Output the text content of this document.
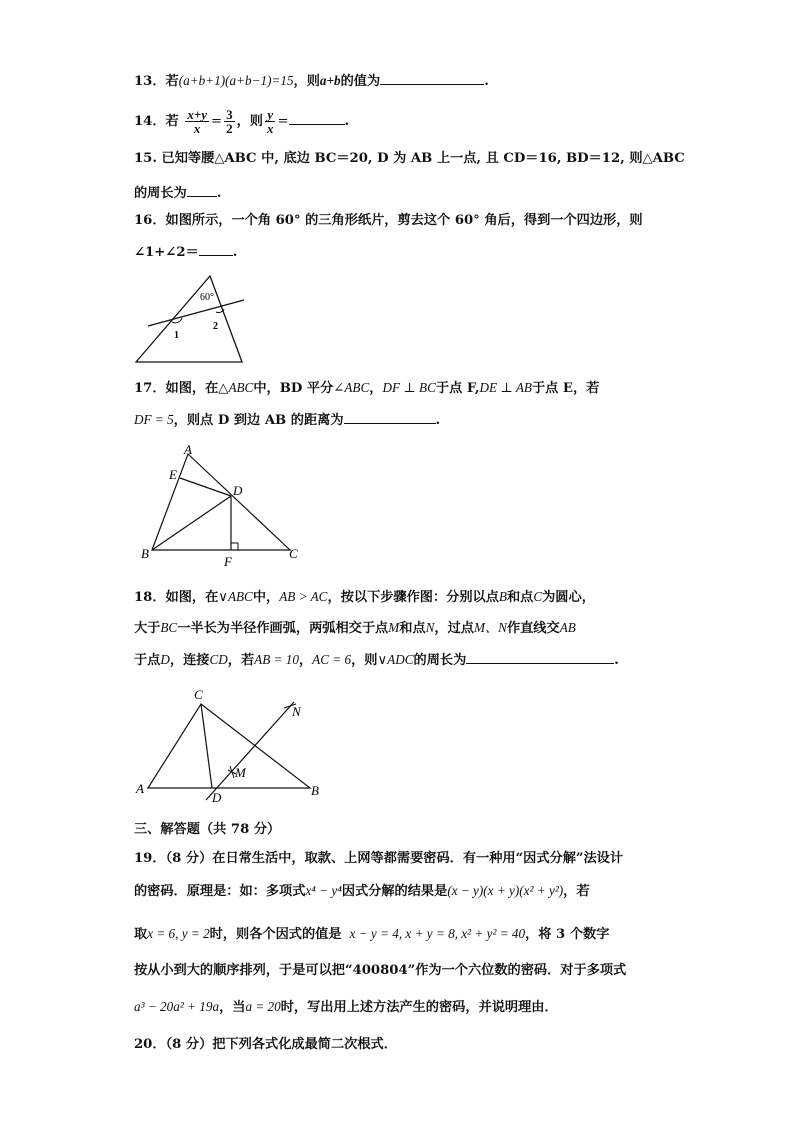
13．若(a+b+1)(a+b−1)=15，则a+b的值为	.
14．若 $\frac{x+y}{x} = \frac{3}{2}$ ，则 $\frac{y}{x}$ =	.
15. 已知等腰△ABC 中, 底边 BC＝20, D 为 AB 上一点, 且 CD＝16, BD＝12, 则△ABC
的周长为 .
16．如图所示，一个角 60° 的三角形纸片，剪去这个 60° 角后，得到一个四边形，则
∠1+∠2＝	.
60°
1
2
17．如图，在△ABC中，BD 平分∠ABC，DF ⊥ BC于点 F,DE ⊥ AB于点 E，若
DF = 5，则点 D 到边 AB 的距离为	.
A
E
D
B
F
C
18．如图，在∨ABC中，AB > AC，按以下步骤作图：分别以点B和点C为圆心，
大于BC一半长为半径作画弧，两弧相交于点M和点N，过点M、N作直线交AB
于点D，连接CD，若AB = 10，AC = 6，则∨ADC的周长为	.
C
N
M
A
D	B
三、解答题（共 78 分）
19．（8 分）在日常生活中，取款、上网等都需要密码．有一种用“因式分解”法设计
的密码．原理是：如：多项式x⁴ − y⁴因式分解的结果是(x − y)(x + y)(x² + y²)，若
取x = 6, y = 2时，则各个因式的值是 x − y = 4, x + y = 8, x² + y² = 40，将 3 个数字
按从小到大的顺序排列，于是可以把“400804”作为一个六位数的密码．对于多项式
a³ − 20a² + 19a，当a = 20时，写出用上述方法产生的密码，并说明理由．
20．（8 分）把下列各式化成最简二次根式．
